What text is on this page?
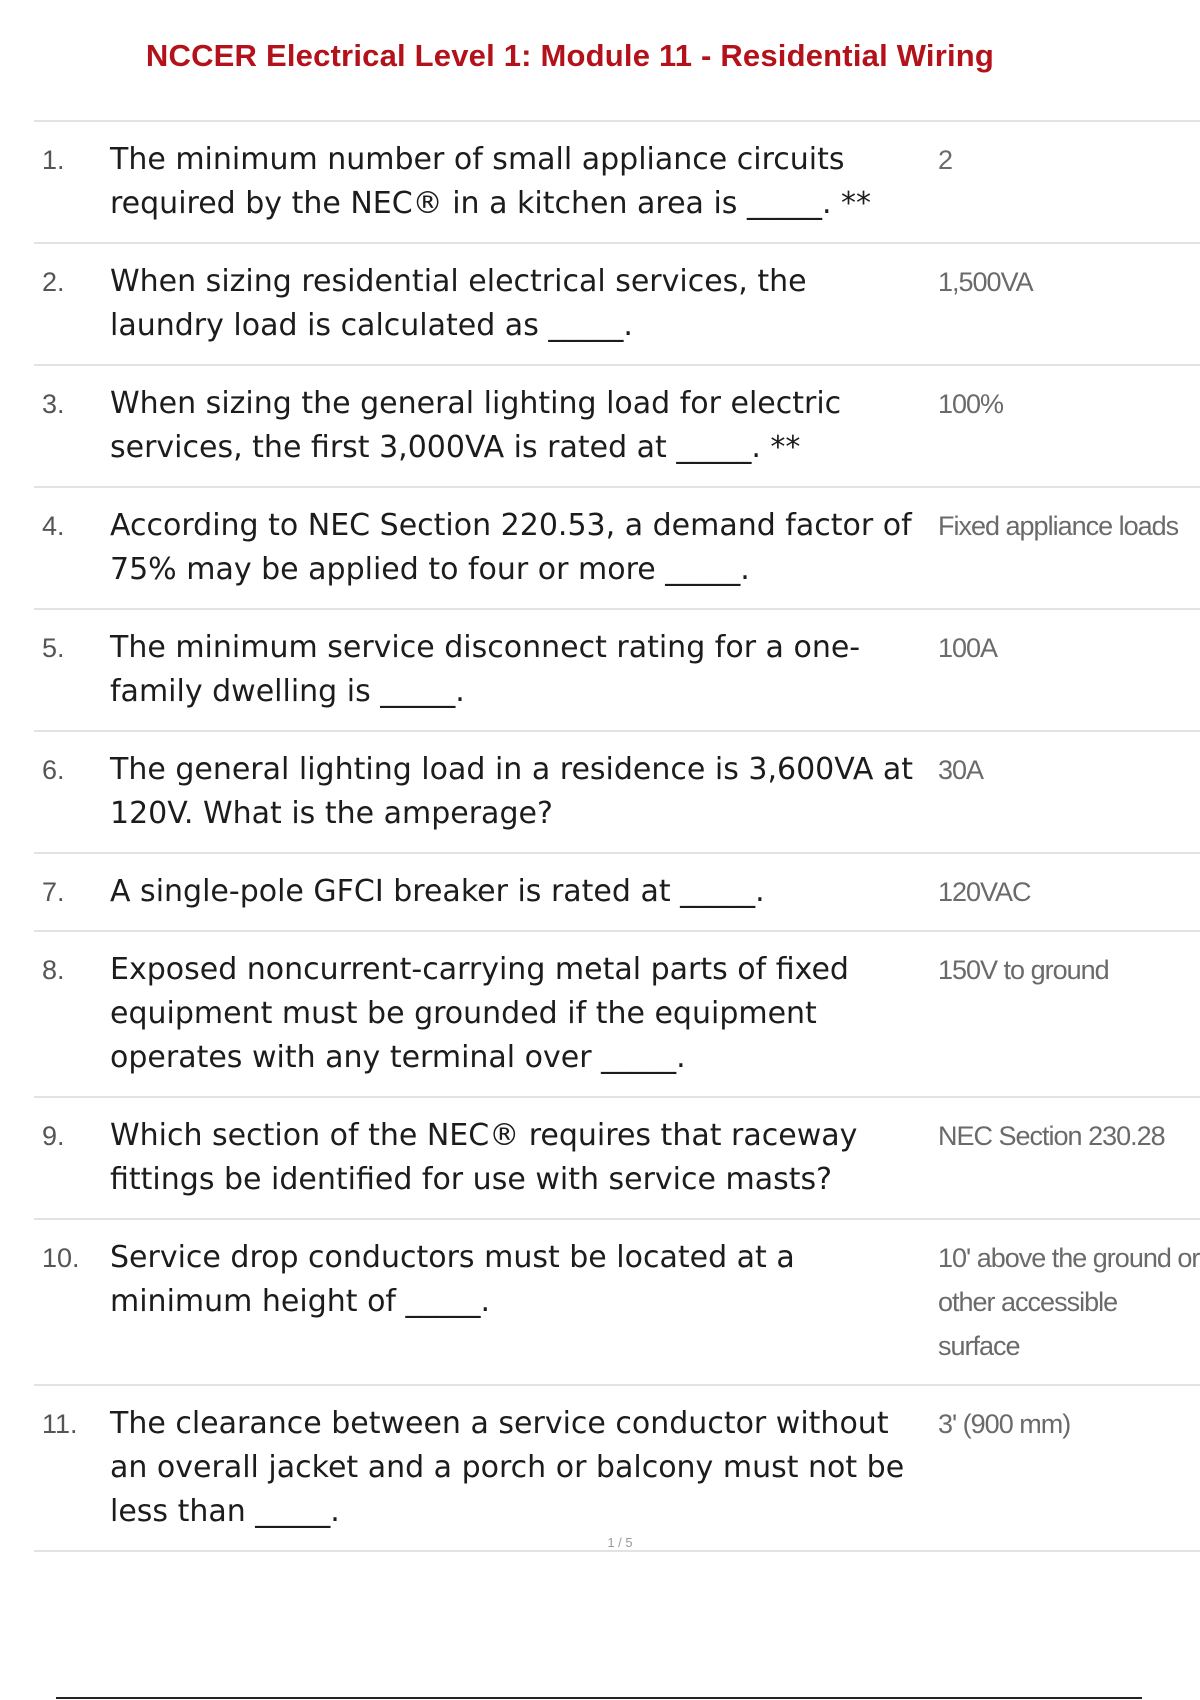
NCCER Electrical Level 1: Module 11 - Residential Wiring
1.	The minimum number of small appliance circuits required by the NEC® in a kitchen area is _____. **
2
2.	When sizing residential electrical services, the laundry load is calculated as _____.
1,500VA
3.	When sizing the general lighting load for electric services, the first 3,000VA is rated at _____. **
100%
4.	According to NEC Section 220.53, a demand factor of 75% may be applied to four or more _____.
Fixed appliance loads
5.	The minimum service disconnect rating for a one-family dwelling is _____.
100A
6.	The general lighting load in a residence is 3,600VA at 120V. What is the amperage?
30A
7.	A single-pole GFCI breaker is rated at _____.	120VAC
8.	Exposed noncurrent-carrying metal parts of fixed equipment must be grounded if the equipment operates with any terminal over _____.
150V to ground
9.	Which section of the NEC® requires that raceway fittings be identified for use with service masts?
NEC Section 230.28
10.	Service drop conductors must be located at a minimum height of _____.
10' above the ground or other accessible surface
11.	The clearance between a service conductor without an overall jacket and a porch or balcony must not be less than _____.
3' (900 mm)
1 / 5
